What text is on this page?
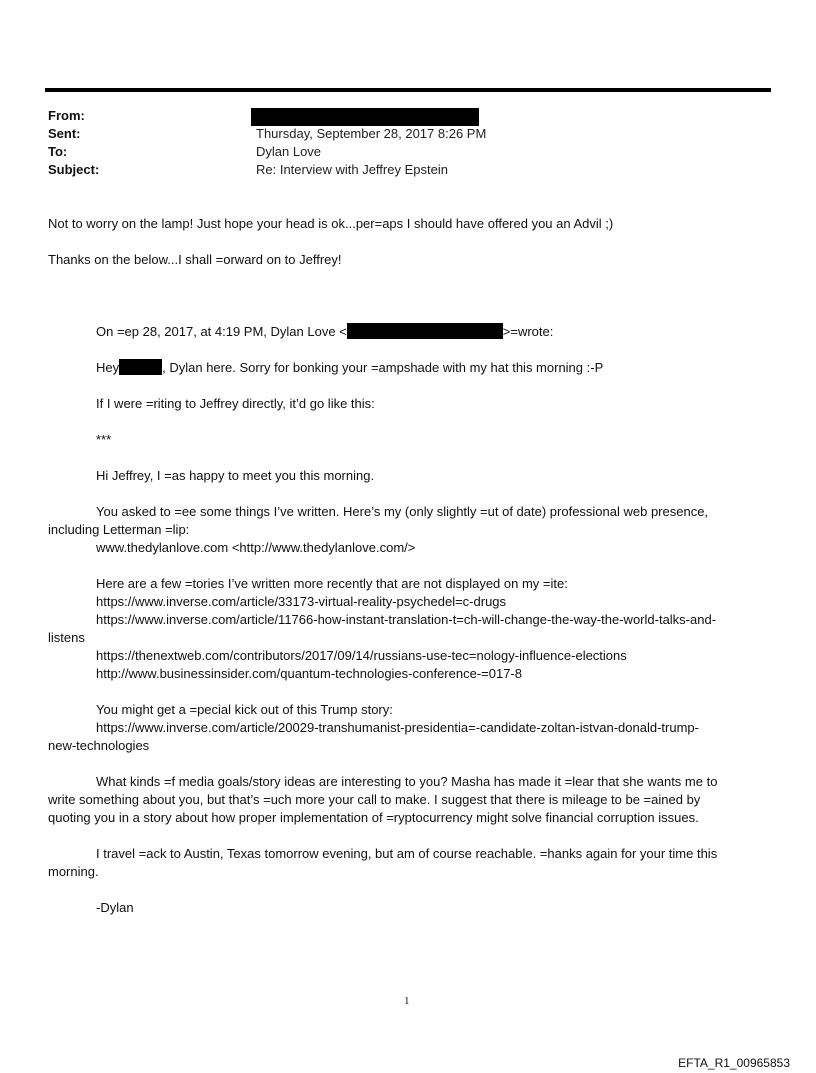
From:
Sent:	Thursday, September 28, 2017 8:26 PM
To:	Dylan Love
Subject:	Re: Interview with Jeffrey Epstein
Not to worry on the lamp! Just hope your head is ok...per=aps I should have offered you an Advil ;)
Thanks on the below...I shall =orward on to Jeffrey!
On =ep 28, 2017, at 4:19 PM, Dylan Love <	>=wrote:
Hey	, Dylan here. Sorry for bonking your =ampshade with my hat this morning :-P
If I were =riting to Jeffrey directly, it’d go like this:
***
Hi Jeffrey, I =as happy to meet you this morning.
You asked to =ee some things I’ve written. Here’s my (only slightly =ut of date) professional web presence,
including Letterman =lip:
www.thedylanlove.com <http://www.thedylanlove.com/>
Here are a few =tories I’ve written more recently that are not displayed on my =ite:
https://www.inverse.com/article/33173-virtual-reality-psychedel=c-drugs
https://www.inverse.com/article/11766-how-instant-translation-t=ch-will-change-the-way-the-world-talks-and-
listens
https://thenextweb.com/contributors/2017/09/14/russians-use-tec=nology-influence-elections
http://www.businessinsider.com/quantum-technologies-conference-=017-8
You might get a =pecial kick out of this Trump story:
https://www.inverse.com/article/20029-transhumanist-presidentia=-candidate-zoltan-istvan-donald-trump-
new-technologies
What kinds =f media goals/story ideas are interesting to you? Masha has made it =lear that she wants me to
write something about you, but that’s =uch more your call to make. I suggest that there is mileage to be =ained by
quoting you in a story about how proper implementation of =ryptocurrency might solve financial corruption issues.
I travel =ack to Austin, Texas tomorrow evening, but am of course reachable. =hanks again for your time this
morning.
-Dylan
1
EFTA_R1_00965853
